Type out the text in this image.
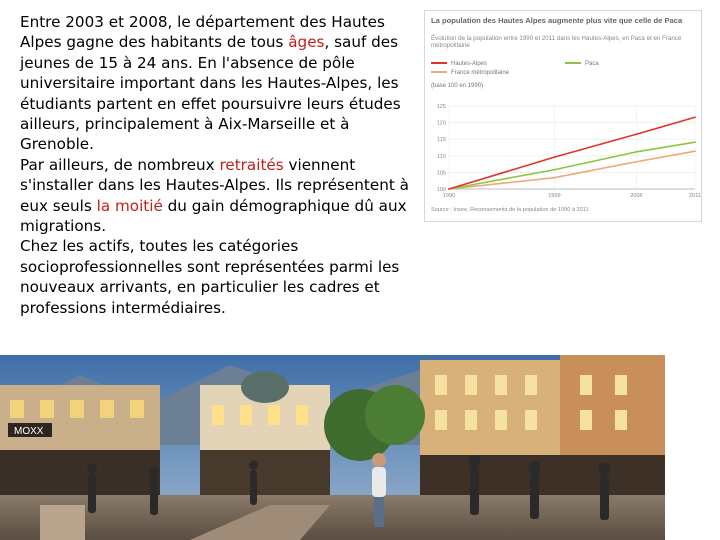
Entre 2003 et 2008, le département des Hautes Alpes gagne des habitants de tous âges, sauf des jeunes de 15 à 24 ans. En l'absence de pôle universitaire important dans les Hautes-Alpes, les étudiants partent en effet poursuivre leurs études ailleurs, principalement à Aix-Marseille et à Grenoble.

Par ailleurs, de nombreux retraités viennent s'installer dans les Hautes-Alpes. Ils représentent à eux seuls la moitié du gain démographique dû aux migrations.

Chez les actifs, toutes les catégories socioprofessionnelles sont représentées parmi les nouveaux arrivants, en particulier les cadres et professions intermédiaires.

La population des Hautes Alpes augmente plus vite que celle de Paca
Évolution de la population entre 1990 et 2011 dans les Hautes-Alpes, en Paca et en France métropolitaine
Hautes-Alpes	Paca
France métropolitaine
(base 100 en 1990)
100
105
110
115
120
125
1990	1999	2006	2011
Source : Insee, Recensements de la population de 1990 à 2011
MOXX
